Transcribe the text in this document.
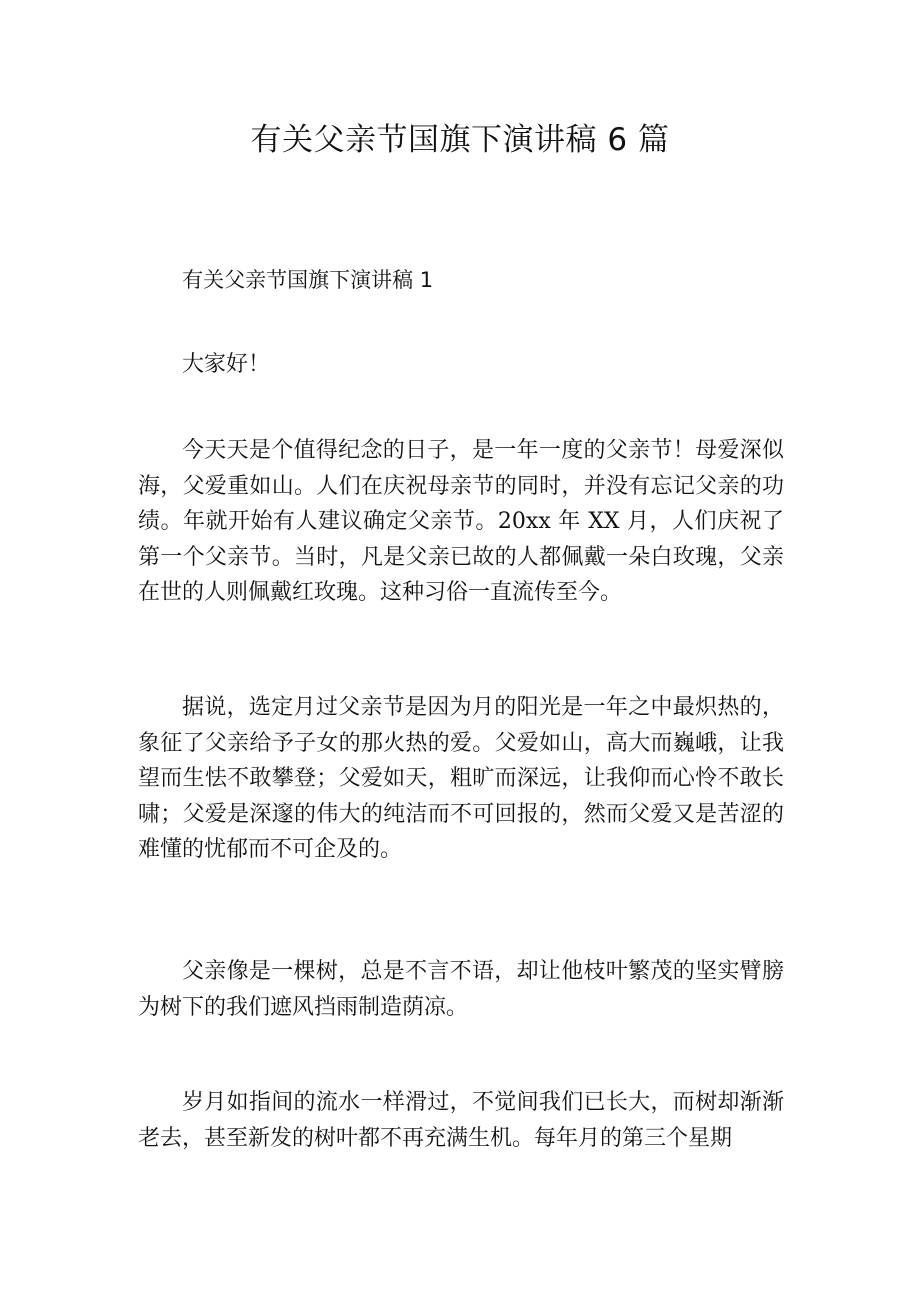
有关父亲节国旗下演讲稿 6 篇

有关父亲节国旗下演讲稿 1

大家好！

今天天是个值得纪念的日子，是一年一度的父亲节！母爱深似海，父爱重如山。人们在庆祝母亲节的同时，并没有忘记父亲的功绩。年就开始有人建议确定父亲节。20xx 年 XX 月，人们庆祝了第一个父亲节。当时，凡是父亲已故的人都佩戴一朵白玫瑰，父亲在世的人则佩戴红玫瑰。这种习俗一直流传至今。

据说，选定月过父亲节是因为月的阳光是一年之中最炽热的，象征了父亲给予子女的那火热的爱。父爱如山，高大而巍峨，让我望而生怯不敢攀登；父爱如天，粗旷而深远，让我仰而心怜不敢长啸；父爱是深邃的伟大的纯洁而不可回报的，然而父爱又是苦涩的难懂的忧郁而不可企及的。

父亲像是一棵树，总是不言不语，却让他枝叶繁茂的坚实臂膀为树下的我们遮风挡雨制造荫凉。

岁月如指间的流水一样滑过，不觉间我们已长大，而树却渐渐老去，甚至新发的树叶都不再充满生机。每年月的第三个星期
